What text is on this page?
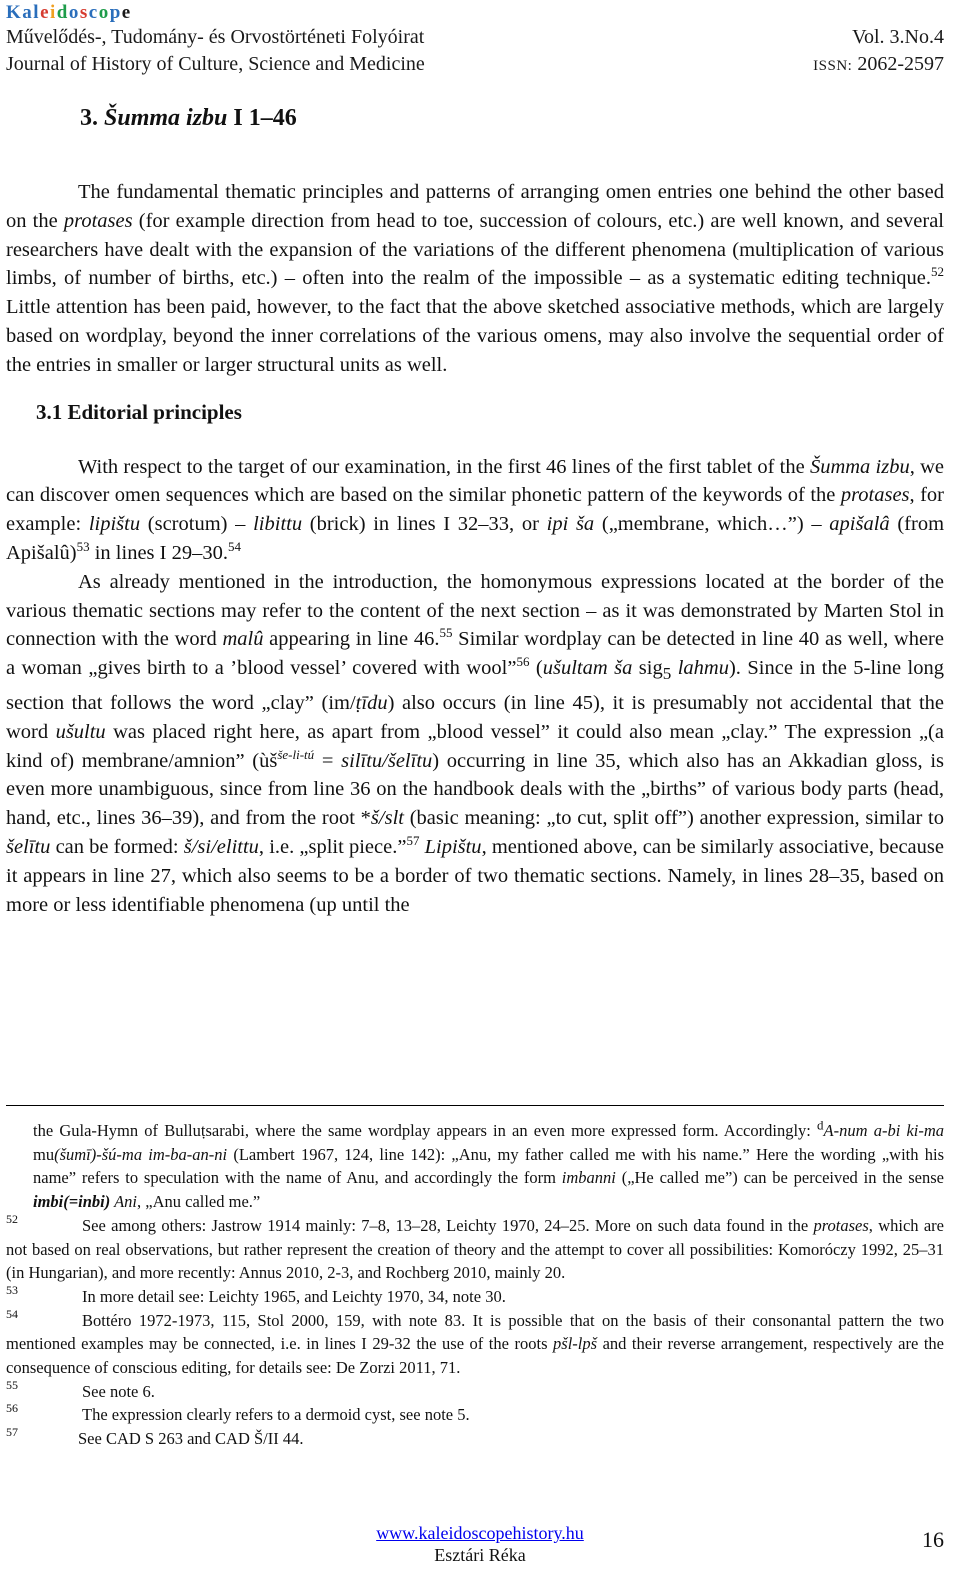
Kaleidoscope
Művelődés-, Tudomány- és Orvostörténeti Folyóirat	Vol. 3.No.4
Journal of History of Culture, Science and Medicine	ISSN: 2062-2597
3. Šumma izbu I 1–46

The fundamental thematic principles and patterns of arranging omen entries one behind the other based on the protases (for example direction from head to toe, succession of colours, etc.) are well known, and several researchers have dealt with the expansion of the variations of the different phenomena (multiplication of various limbs, of number of births, etc.) – often into the realm of the impossible – as a systematic editing technique.$^{52}$ Little attention has been paid, however, to the fact that the above sketched associative methods, which are largely based on wordplay, beyond the inner correlations of the various omens, may also involve the sequential order of the entries in smaller or larger structural units as well.

3.1 Editorial principles

With respect to the target of our examination, in the first 46 lines of the first tablet of the Šumma izbu, we can discover omen sequences which are based on the similar phonetic pattern of the keywords of the protases, for example: lipištu (scrotum) – libittu (brick) in lines I 32–33, or ipi ša („membrane, which…”) – apišalâ (from Apišalû)$^{53}$ in lines I 29–30.54

As already mentioned in the introduction, the homonymous expressions located at the border of the various thematic sections may refer to the content of the next section – as it was demonstrated by Marten Stol in connection with the word malû appearing in line 46.55 Similar wordplay can be detected in line 40 as well, where a woman „gives birth to a ’blood vessel’ covered with wool”$^{56}$ (ušultam ša sig$_5$ lahmu). Since in the 5-line long section that follows the word „clay” (im/ṭīdu) also occurs (in line 45), it is presumably not accidental that the word ušultu was placed right here, as apart from „blood vessel” it could also mean „clay.” The expression „(a kind of) membrane/amnion” ($ùš^{še-li-tú}$ = silītu/šelītu) occurring in line 35, which also has an Akkadian gloss, is even more unambiguous, since from line 36 on the handbook deals with the „births” of various body parts (head, hand, etc., lines 36–39), and from the root *š/slt (basic meaning: „to cut, split off”) another expression, similar to šelītu can be formed: š/si/elittu, i.e. „split piece.”$^{57}$ Lipištu, mentioned above, can be similarly associative, because it appears in line 27, which also seems to be a border of two thematic sections. Namely, in lines 28–35, based on more or less identifiable phenomena (up until the

the Gula-Hymn of Bulluṭsarabi, where the same wordplay appears in an even more expressed form. Accordingly: $^d$A-num a-bi ki-ma mu(šumī)-šú-ma im-ba-an-ni (Lambert 1967, 124, line 142): „Anu, my father called me with his name.” Here the wording „with his name” refers to speculation with the name of Anu, and accordingly the form imbanni („He called me”) can be perceived in the sense imbi(=inbi) Ani, „Anu called me.”

52	See among others: Jastrow 1914 mainly: 7–8, 13–28, Leichty 1970, 24–25. More on such data found in the protases, which are not based on real observations, but rather represent the creation of theory and the attempt to cover all possibilities: Komoróczy 1992, 25–31 (in Hungarian), and more recently: Annus 2010, 2-3, and Rochberg 2010, mainly 20.

53	In more detail see: Leichty 1965, and Leichty 1970, 34, note 30.

54	Bottéro 1972-1973, 115, Stol 2000, 159, with note 83. It is possible that on the basis of their consonantal pattern the two mentioned examples may be connected, i.e. in lines I 29-32 the use of the roots pšl-lpš and their reverse arrangement, respectively are the consequence of conscious editing, for details see: De Zorzi 2011, 71.

55	See note 6.

56	The expression clearly refers to a dermoid cyst, see note 5.

57	See CAD S 263 and CAD Š/II 44.

www.kaleidoscopehistory.hu
Esztári Réka
16
